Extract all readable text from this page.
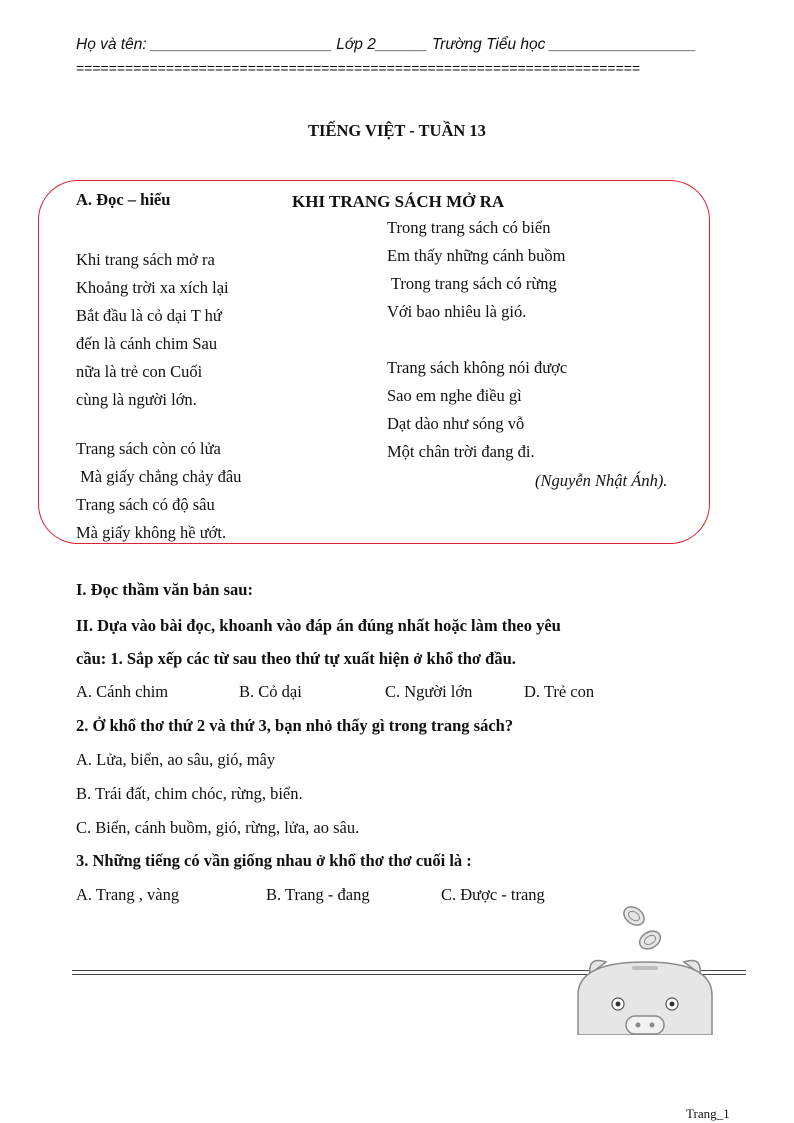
Họ và tên: _____________________ Lớp 2______ Trường Tiểu học _________________
=====================================================================
TIẾNG VIỆT - TUẦN 13
A. Đọc – hiểu	KHI TRANG SÁCH MỞ RA
Khi trang sách mở ra
Khoảng trời xa xích lại
Bắt đầu là cỏ dại T hứ
đến là cánh chim Sau
nữa là trẻ con Cuối
cùng là người lớn.
Trang sách còn có lửa
Mà giấy chẳng chảy đâu
Trang sách có độ sâu
Mà giấy không hề ướt.
Trong trang sách có biển
Em thấy những cánh buồm
Trong trang sách có rừng
Với bao nhiêu là gió.
Trang sách không nói được
Sao em nghe điều gì
Dạt dào như sóng vỗ
Một chân trời đang đi.
(Nguyễn Nhật Ánh).
I. Đọc thầm văn bản sau:
II. Dựa vào bài đọc, khoanh vào đáp án đúng nhất hoặc làm theo yêu
cầu: 1. Sắp xếp các từ sau theo thứ tự xuất hiện ở khổ thơ đầu.
A. Cánh chim	B. Cỏ dại	C. Người lớn	D. Trẻ con
2. Ở khổ thơ thứ 2 và thứ 3, bạn nhỏ thấy gì trong trang sách?
A. Lửa, biển, ao sâu, gió, mây
B. Trái đất, chim chóc, rừng, biển.
C. Biển, cánh buồm, gió, rừng, lửa, ao sâu.
3. Những tiếng có vần giống nhau ở khổ thơ thơ cuối là :
A. Trang , vàng	B. Trang - đang	C. Được - trang
Trang_1
